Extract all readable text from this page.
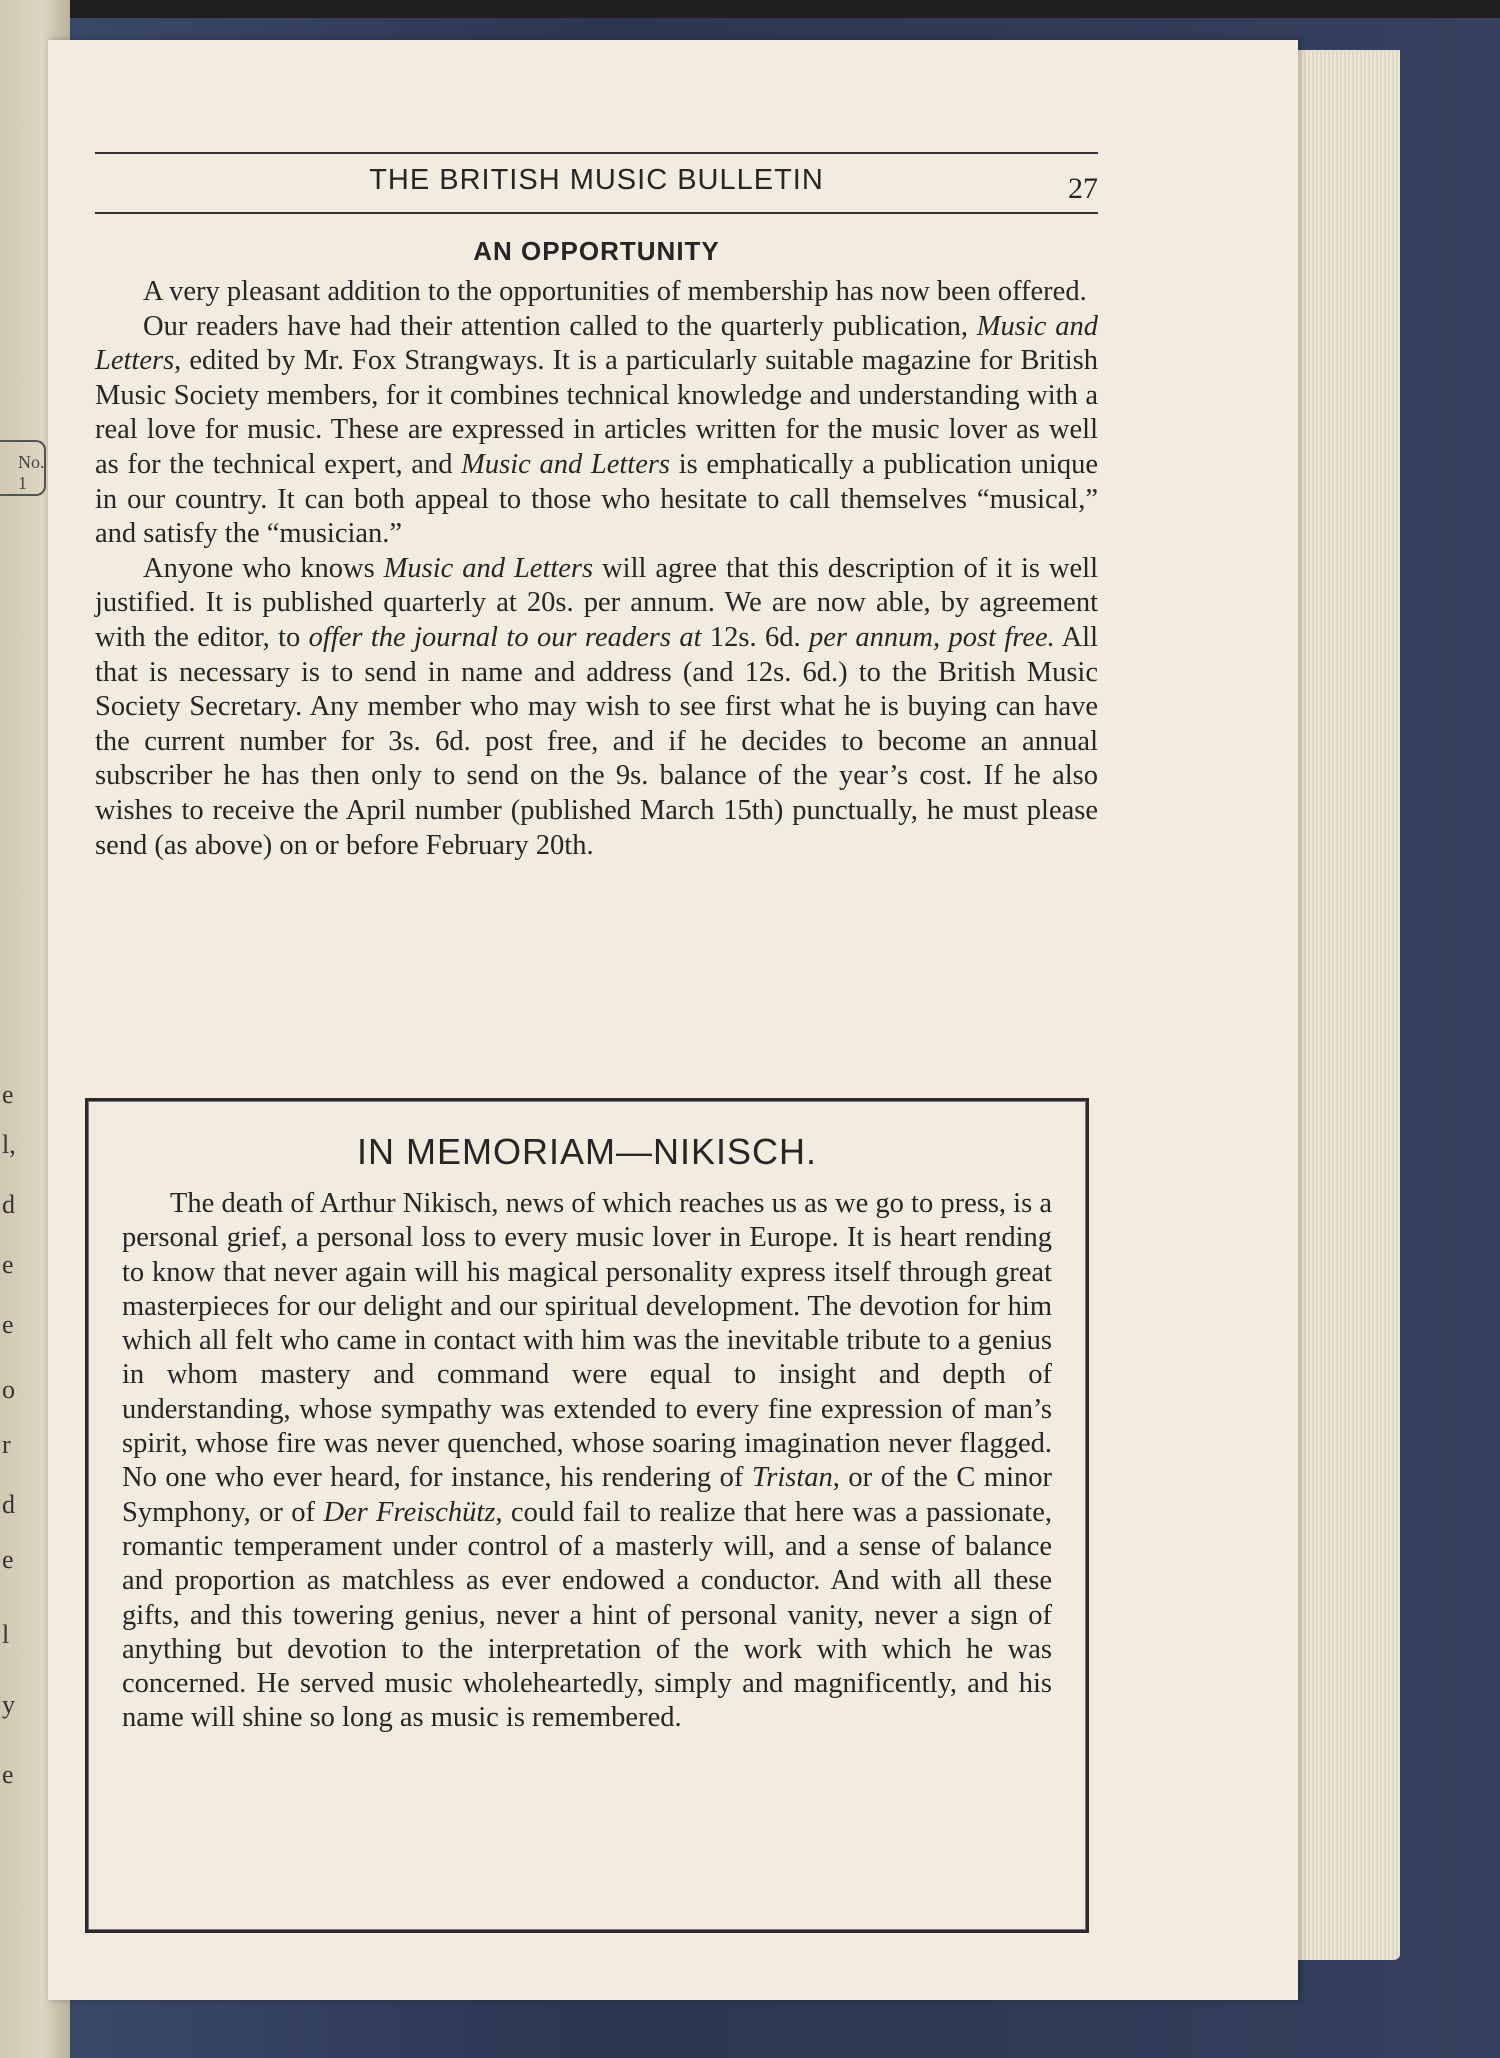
No. 1
e
l,
d
e
e
o
r
d
e
l
y
e
THE BRITISH MUSIC BULLETIN	27
AN OPPORTUNITY

A very pleasant addition to the opportunities of membership has now been offered.

Our readers have had their attention called to the quarterly publication, Music and Letters, edited by Mr. Fox Strangways. It is a particularly suitable magazine for British Music Society members, for it combines technical knowledge and understanding with a real love for music. These are expressed in articles written for the music lover as well as for the technical expert, and Music and Letters is emphatically a publication unique in our country. It can both appeal to those who hesitate to call themselves “musical,” and satisfy the “musician.”

Anyone who knows Music and Letters will agree that this description of it is well justified. It is published quarterly at 20s. per annum. We are now able, by agreement with the editor, to offer the journal to our readers at 12s. 6d. per annum, post free. All that is necessary is to send in name and address (and 12s. 6d.) to the British Music Society Secretary. Any member who may wish to see first what he is buying can have the current number for 3s. 6d. post free, and if he decides to become an annual subscriber he has then only to send on the 9s. balance of the year’s cost. If he also wishes to receive the April number (published March 15th) punctually, he must please send (as above) on or before February 20th.

IN MEMORIAM—NIKISCH.

The death of Arthur Nikisch, news of which reaches us as we go to press, is a personal grief, a personal loss to every music lover in Europe. It is heart rending to know that never again will his magical personality express itself through great masterpieces for our delight and our spiritual development. The devotion for him which all felt who came in contact with him was the inevitable tribute to a genius in whom mastery and command were equal to insight and depth of understanding, whose sympathy was extended to every fine expression of man’s spirit, whose fire was never quenched, whose soaring imagination never flagged. No one who ever heard, for instance, his rendering of Tristan, or of the C minor Symphony, or of Der Freischütz, could fail to realize that here was a passionate, romantic temperament under control of a masterly will, and a sense of balance and proportion as matchless as ever endowed a conductor. And with all these gifts, and this towering genius, never a hint of personal vanity, never a sign of anything but devotion to the interpretation of the work with which he was concerned. He served music wholeheartedly, simply and magnificently, and his name will shine so long as music is remembered.
